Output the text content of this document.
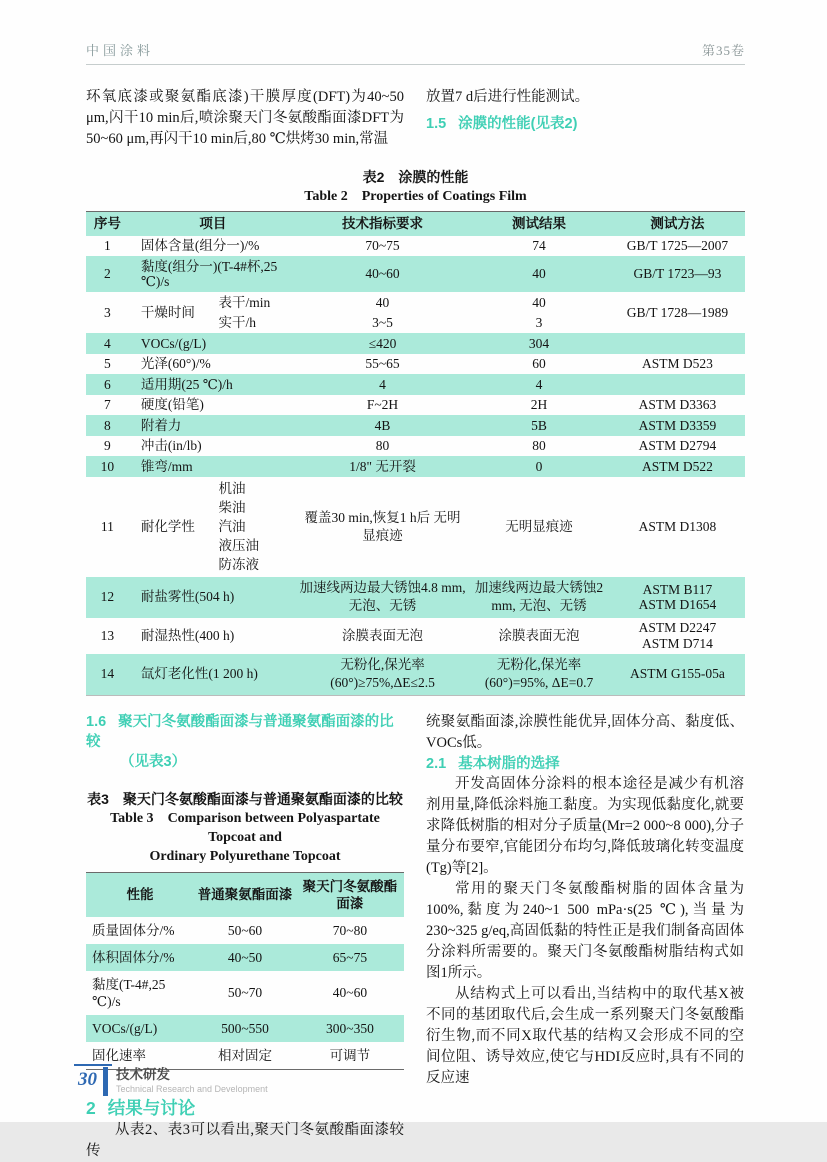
中国涂料	第35卷

环氧底漆或聚氨酯底漆)干膜厚度(DFT)为40~50 μm,闪干10 min后,喷涂聚天门冬氨酸酯面漆DFT为50~60 μm,再闪干10 min后,80 ℃烘烤30 min,常温

放置7 d后进行性能测试。

1.5 涂膜的性能(见表2)

表2 涂膜的性能
Table 2 Properties of Coatings Film
序号	项目		技术指标要求	测试结果	测试方法
1	固体含量(组分一)/%		70~75	74	GB/T 1725—2007
2	黏度(组分一)(T-4#杯,25 ℃)/s		40~60	40	GB/T 1723—93
3	干燥时间	表干/min	40	40	GB/T 1728—1989
		实干/h	3~5	3	
4	VOCs/(g/L)		≤420	304	
5	光泽(60°)/%		55~65	60	ASTM D523
6	适用期(25 ℃)/h		4	4	
7	硬度(铅笔)		F~2H	2H	ASTM D3363
8	附着力		4B	5B	ASTM D3359
9	冲击(in/lb)		80	80	ASTM D2794
10	锥弯/mm		1/8" 无开裂	0	ASTM D522
11	耐化学性	机油
柴油
汽油
液压油
防冻液	覆盖30 min,恢复1 h后 无明显痕迹	无明显痕迹	ASTM D1308
12	耐盐雾性(504 h)		加速线两边最大锈蚀4.8 mm,无泡、无锈	加速线两边最大锈蚀2 mm, 无泡、无锈	ASTM B117
ASTM D1654

13	耐湿热性(400 h)		涂膜表面无泡	涂膜表面无泡	ASTM D2247
ASTM D714

14	氙灯老化性(1 200 h)		无粉化,保光率 (60°)≥75%,ΔE≤2.5	无粉化,保光率(60°)=95%, ΔE=0.7	ASTM G155-05a

1.6 聚天门冬氨酸酯面漆与普通聚氨酯面漆的比较

（见表3）

表3 聚天门冬氨酸酯面漆与普通聚氨酯面漆的比较
Table 3 Comparison between Polyaspartate Topcoat and
Ordinary Polyurethane Topcoat
性能	普通聚氨酯面漆	聚天门冬氨酸酯面漆
质量固体分/%	50~60	70~80
体积固体分/%	40~50	65~75
黏度(T-4#,25 ℃)/s	50~70	40~60
VOCs/(g/L)	500~550	300~350
固化速率	相对固定	可调节

2 结果与讨论

从表2、表3可以看出,聚天门冬氨酸酯面漆较传

统聚氨酯面漆,涂膜性能优异,固体分高、黏度低、VOCs低。

2.1 基本树脂的选择

开发高固体分涂料的根本途径是减少有机溶剂用量,降低涂料施工黏度。为实现低黏度化,就要求降低树脂的相对分子质量(Mr=2 000~8 000),分子量分布要窄,官能团分布均匀,降低玻璃化转变温度(Tg)等[2]。

常用的聚天门冬氨酸酯树脂的固体含量为100%,黏度为240~1 500 mPa·s(25 ℃),当量为230~325 g/eq,高固低黏的特性正是我们制备高固体分涂料所需要的。聚天门冬氨酸酯树脂结构式如图1所示。

从结构式上可以看出,当结构中的取代基X被不同的基团取代后,会生成一系列聚天门冬氨酸酯衍生物,而不同X取代基的结构又会形成不同的空间位阻、诱导效应,使它与HDI反应时,具有不同的反应速

30	技术研发
Technical Research and Development
